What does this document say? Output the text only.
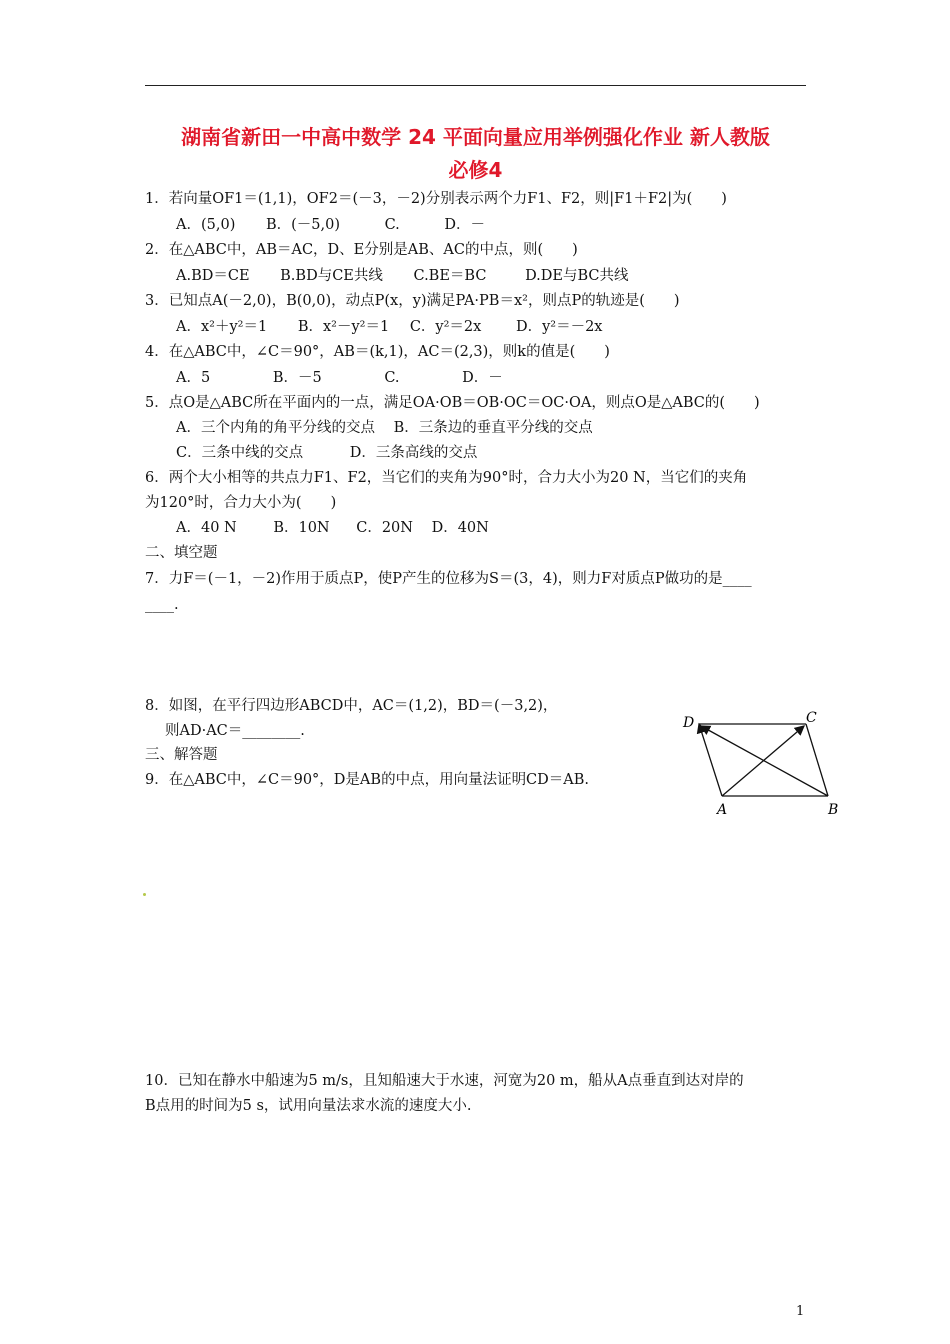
湖南省新田一中高中数学 24 平面向量应用举例强化作业 新人教版
必修4
1．若向量OF1＝(1,1)，OF2＝(－3，－2)分别表示两个力F1、F2，则|F1＋F2|为(　　)
A．(5,0) B．(－5,0)	C.	D．－
2．在△ABC中，AB＝AC，D、E分别是AB、AC的中点，则(　　)
A.BD＝CE B.BD与CE共线 C.BE＝BC	D.DE与BC共线
3．已知点A(－2,0)，B(0,0)，动点P(x，y)满足PA·PB＝x²，则点P的轨迹是(　　)
A．x²＋y²＝1 B．x²－y²＝1 C．y²＝2x D．y²＝－2x
4．在△ABC中，∠C＝90°，AB＝(k,1)，AC＝(2,3)，则k的值是(　　)
A．5	B．－5	C.	D．－
5．点O是△ABC所在平面内的一点，满足OA·OB＝OB·OC＝OC·OA，则点O是△ABC的(　　)
A．三个内角的角平分线的交点 B．三条边的垂直平分线的交点
C．三条中线的交点	D．三条高线的交点
6．两个大小相等的共点力F1、F2，当它们的夹角为90°时，合力大小为20 N，当它们的夹角
为120°时，合力大小为(　　)
A．40 N	B．10N C．20N D．40N
二、填空题
7．力F＝(－1，－2)作用于质点P，使P产生的位移为S＝(3，4)，则力F对质点P做功的是____
____.
8．如图，在平行四边形ABCD中，AC＝(1,2)，BD＝(－3,2)，
则AD·AC＝________.
三、解答题
9．在△ABC中，∠C＝90°，D是AB的中点，用向量法证明CD＝AB.
D	C
A	B
10．已知在静水中船速为5 m/s，且知船速大于水速，河宽为20 m，船从A点垂直到达对岸的
B点用的时间为5 s，试用向量法求水流的速度大小.
1
